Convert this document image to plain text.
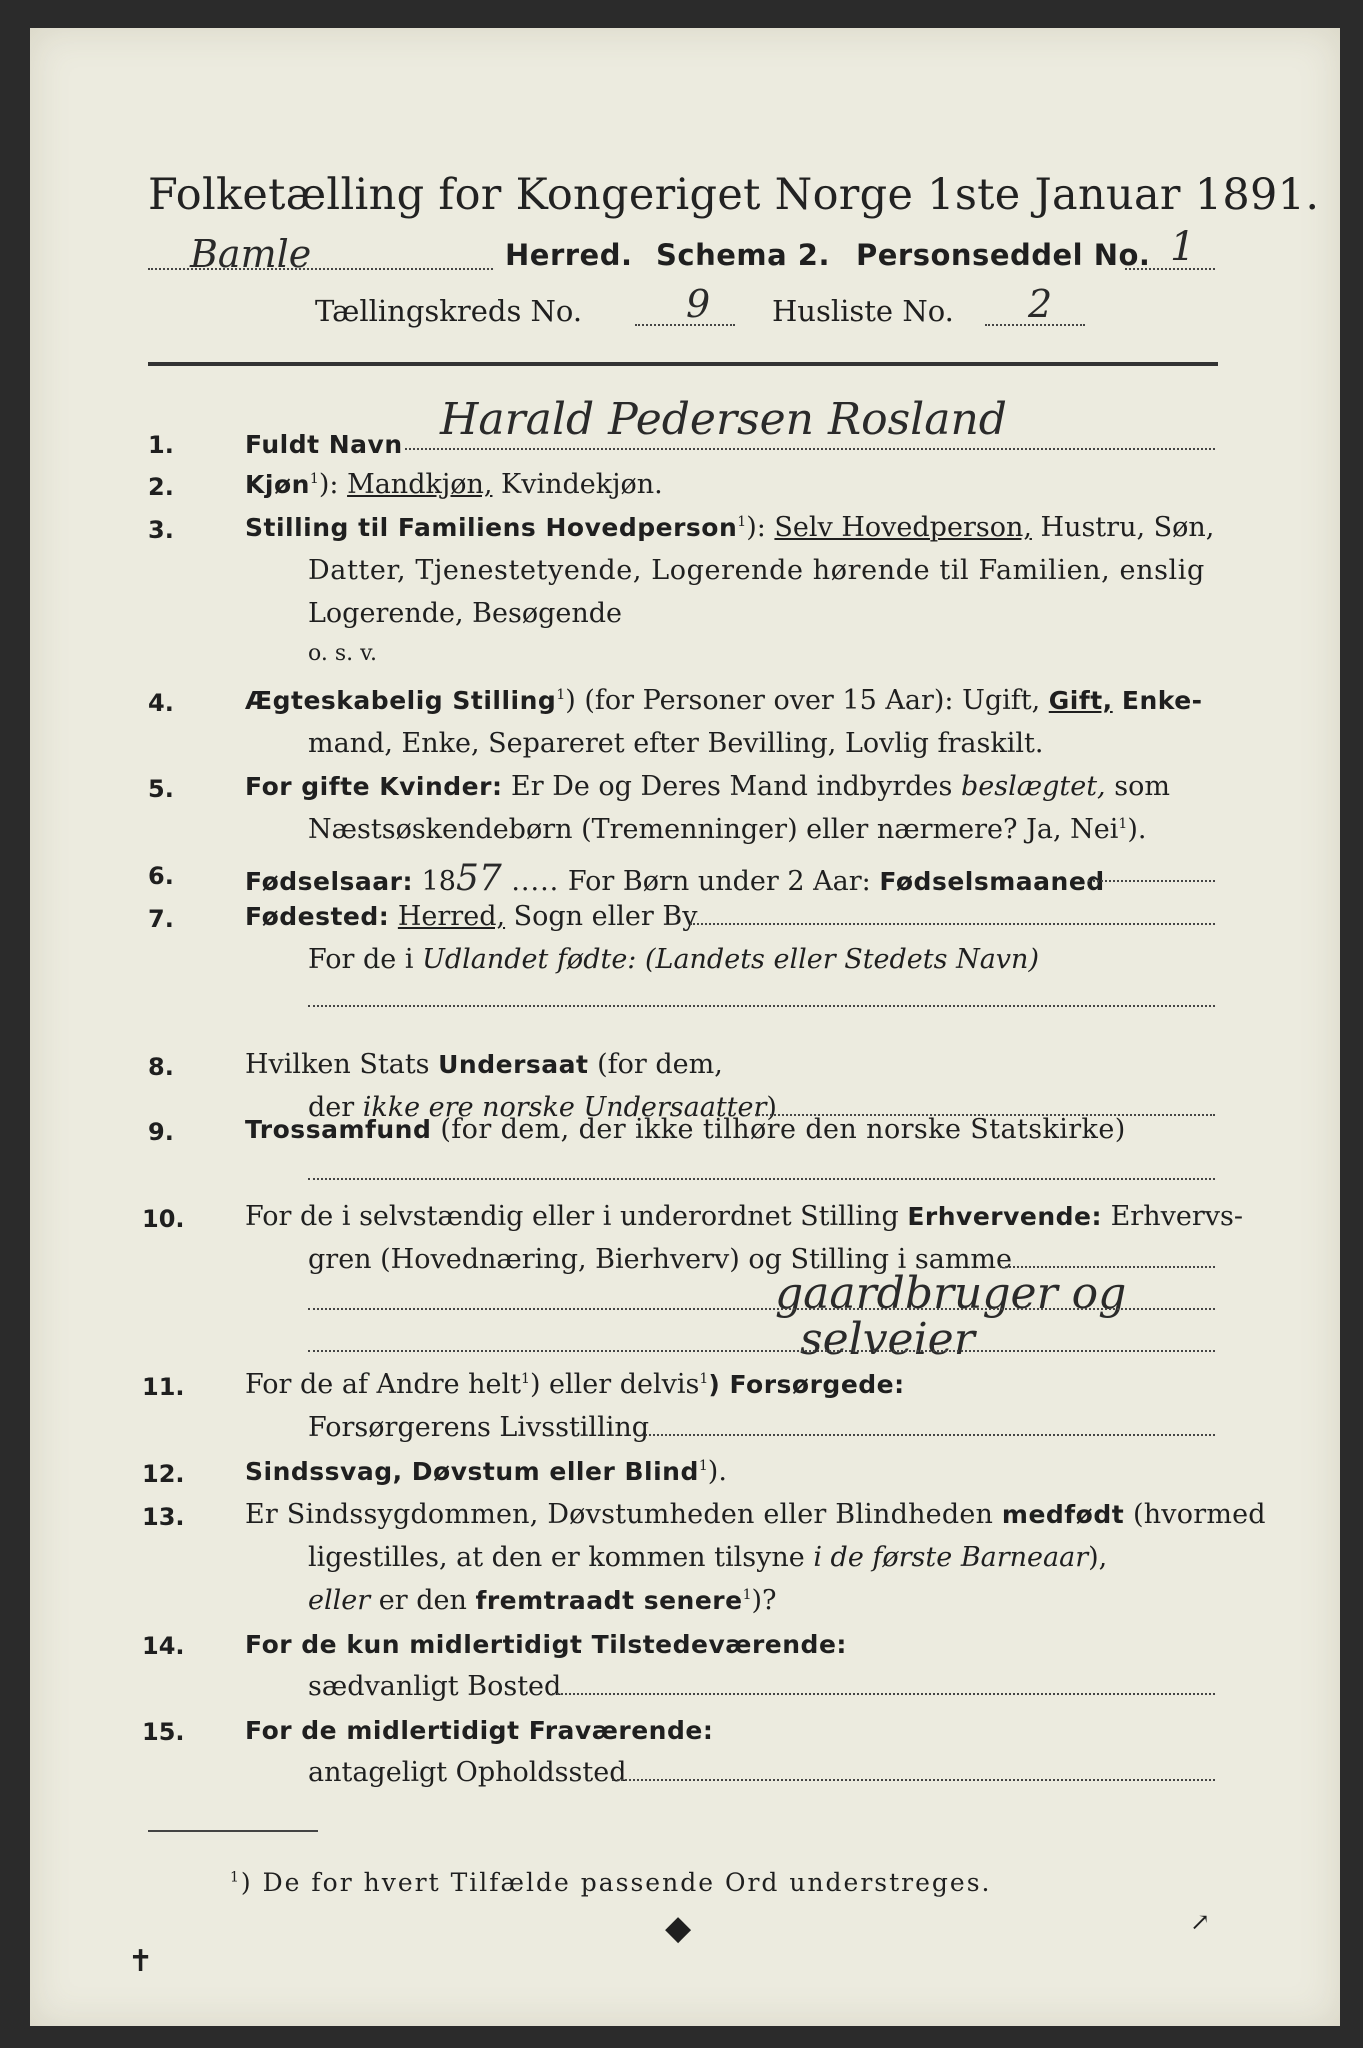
Folketælling for Kongeriget Norge 1ste Januar 1891.
Bamle	Herred. Schema 2. Personseddel No. 1
Tællingskreds No.	9 Husliste No. 2
1.	Fuldt Navn Harald Pedersen Rosland
2.	Kjøn$^1$): Mandkjøn, Kvindekjøn.
3.	Stilling til Familiens Hovedperson$^1$): Selv Hovedperson, Hustru, Søn,
Datter, Tjenestetyende, Logerende hørende til Familien, enslig
Logerende, Besøgende
o. s. v.
4.	Ægteskabelig Stilling$^1$) (for Personer over 15 Aar): Ugift, Gift, Enke-
mand, Enke, Separeret efter Bevilling, Lovlig fraskilt.
5.	For gifte Kvinder: Er De og Deres Mand indbyrdes beslægtet, som
Næstsøskendebørn (Tremenninger) eller nærmere? Ja, Nei$^1$).
6.	Fødselsaar: 1857 ..... For Børn under 2 Aar: Fødselsmaaned
7.	Fødested: Herred, Sogn eller By
For de i Udlandet fødte: (Landets eller Stedets Navn)
8.	Hvilken Stats Undersaat (for dem,
der ikke ere norske Undersaatter)
9.	Trossamfund (for dem, der ikke tilhøre den norske Statskirke)
10. For de i selvstændig eller i underordnet Stilling Erhvervende: Erhvervs-
gren (Hovednæring, Bierhverv) og Stilling i samme
gaardbruger og
selveier
11. For de af Andre helt$^1$) eller delvis$^1$) Forsørgede:
Forsørgerens Livsstilling
12. Sindssvag, Døvstum eller Blind$^1$).
13. Er Sindssygdommen, Døvstumheden eller Blindheden medfødt (hvormed
ligestilles, at den er kommen tilsyne i de første Barneaar),
eller er den fremtraadt senere$^1$)?
14. For de kun midlertidigt Tilstedeværende:
sædvanligt Bosted
15. For de midlertidigt Fraværende:
antageligt Opholdssted
$^1$) De for hvert Tilfælde passende Ord understreges.
✝
◆	↗
